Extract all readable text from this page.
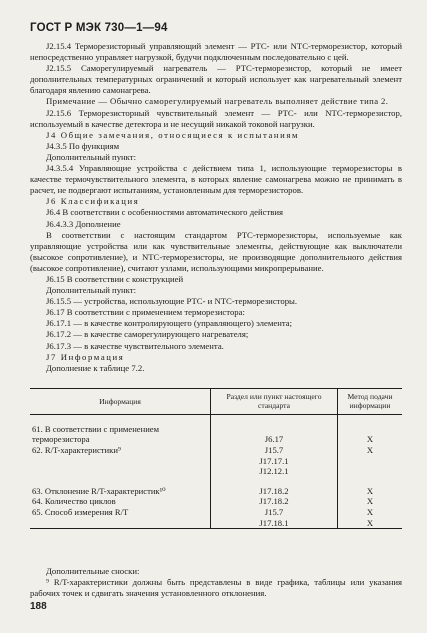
ГОСТ Р МЭК 730—1—94

J2.15.4 Терморезисторный управляющий элемент — РТС- или NTC-терморезистор, который непосредственно управляет нагрузкой, будучи подключенным последовательно с цей.

J2.15.5 Саморегулируемый нагреватель — РТС-терморезистор, который не имеет дополнительных температурных ограничений и который использует как нагревательный элемент благодаря явлению самонагрева.

Примечание — Обычно саморегулируемый нагреватель выполняет действие типа 2.

J2.15.6 Терморезисторный чувствительный элемент — РТС- или NTC-терморезистор, используемый в качестве детектора и не несущий никакой токовой нагрузки.

J4 Общие замечания, относящиеся к испытаниям

J4.3.5 По функциям

Дополнительный пункт:

J4.3.5.4 Управляющие устройства с действием типа 1, использующие терморезисторы в качестве термочувствительного элемента, в которых явление самонагрева можно не принимать в расчет, не подвергают испытаниям, установленным для терморезисторов.

J6 Классификация

J6.4 В соответствии с особенностями автоматического действия

J6.4.3.3 Дополнение

В соответствии с настоящим стандартом РТС-терморезисторы, используемые как управляющие устройства или как чувствительные элементы, действующие как выключатели (высокое сопротивление), и NTC-терморезисторы, не производящие дополнительного действия (высокое сопротивление), считают узлами, использующими микропрерывание.

J6.15 В соответствии с конструкцией

Дополнительный пункт:

J6.15.5 — устройства, использующие РТС- и NTC-терморезисторы.

J6.17 В соответствии с применением терморезистора:

J6.17.1 — в качестве контролирующего (управляющего) элемента;

J6.17.2 — в качестве саморегулирующего нагревателя;

J6.17.3 — в качестве чувствительного элемента.

J7 Информация

Дополнение к таблице 7.2.

Информация	Раздел или пункт настоящего стандарта	Метод подачи информации

61. В соответствии с применением		
терморезистора	J6.17	X
62. R/T-характеристики⁹	J15.7	X
	J17.17.1	
	J12.12.1	

63. Отклонение R/T-характеристик¹⁰	J17.18.2	X
64. Количество циклов	J17.18.2	X
65. Способ измерения R/T	J15.7	X
	J17.18.1	X

Дополнительные сноски:

⁹ R/T-характеристики должны быть представлены в виде графика, таблицы или указания рабочих точек и сдвигать значения установленного отклонения.

188
